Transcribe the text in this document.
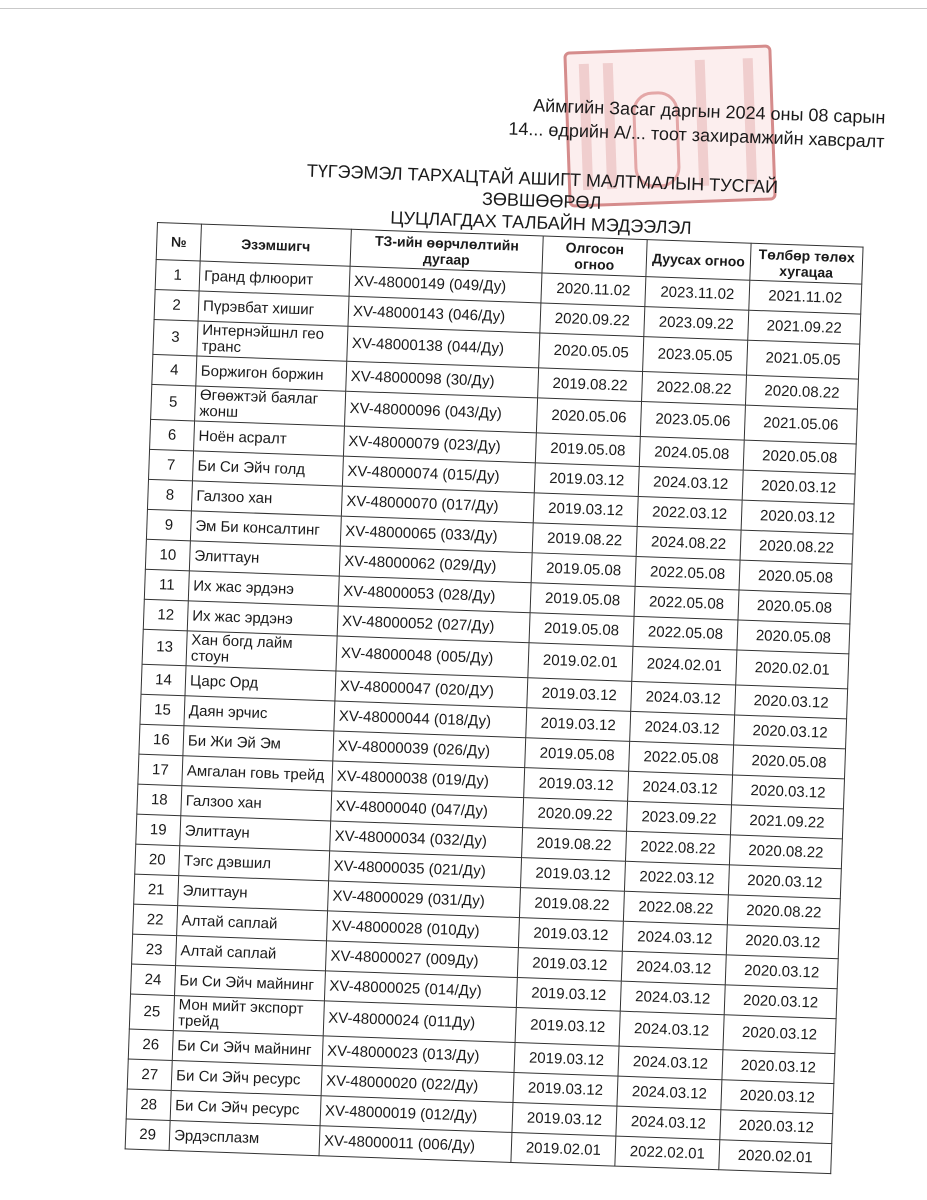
Аймгийн Засаг даргын 2024 оны 08 сарын
14... өдрийн А/... тоот захирамжийн хавсралт
ТҮГЭЭМЭЛ ТАРХАЦТАЙ АШИГТ МАЛТМАЛЫН ТУСГАЙ ЗӨВШӨӨРӨЛ
ЦУЦЛАГДАХ ТАЛБАЙН МЭДЭЭЛЭЛ
№	Эзэмшигч	ТЗ-ийн өөрчлөлтийн дугаар	Олгосон огноо	Дуусах огноо	Төлбөр төлөх хугацаа
1	Гранд флюорит	XV-48000149 (049/Ду)	2020.11.02	2023.11.02	2021.11.02
2	Пүрэвбат хишиг	XV-48000143 (046/Ду)	2020.09.22	2023.09.22	2021.09.22
3	Интернэйшнл гео транс	XV-48000138 (044/Ду)	2020.05.05	2023.05.05	2021.05.05
4	Боржигон боржин	XV-48000098 (30/Ду)	2019.08.22	2022.08.22	2020.08.22
5	Өгөөжтэй баялаг жонш	XV-48000096 (043/Ду)	2020.05.06	2023.05.06	2021.05.06
6	Ноён асралт	XV-48000079 (023/Ду)	2019.05.08	2024.05.08	2020.05.08
7	Би Си Эйч голд	XV-48000074 (015/Ду)	2019.03.12	2024.03.12	2020.03.12
8	Галзоо хан	XV-48000070 (017/Ду)	2019.03.12	2022.03.12	2020.03.12
9	Эм Би консалтинг	XV-48000065 (033/Ду)	2019.08.22	2024.08.22	2020.08.22
10	Элиттаун	XV-48000062 (029/Ду)	2019.05.08	2022.05.08	2020.05.08
11	Их жас эрдэнэ	XV-48000053 (028/Ду)	2019.05.08	2022.05.08	2020.05.08
12	Их жас эрдэнэ	XV-48000052 (027/Ду)	2019.05.08	2022.05.08	2020.05.08
13	Хан богд лайм стоун	XV-48000048 (005/Ду)	2019.02.01	2024.02.01	2020.02.01
14	Царс Орд	XV-48000047 (020/ДУ)	2019.03.12	2024.03.12	2020.03.12
15	Даян эрчис	XV-48000044 (018/Ду)	2019.03.12	2024.03.12	2020.03.12
16	Би Жи Эй Эм	XV-48000039 (026/Ду)	2019.05.08	2022.05.08	2020.05.08
17	Амгалан говь трейд	XV-48000038 (019/Ду)	2019.03.12	2024.03.12	2020.03.12
18	Галзоо хан	XV-48000040 (047/Ду)	2020.09.22	2023.09.22	2021.09.22
19	Элиттаун	XV-48000034 (032/Ду)	2019.08.22	2022.08.22	2020.08.22
20	Тэгс дэвшил	XV-48000035 (021/Ду)	2019.03.12	2022.03.12	2020.03.12
21	Элиттаун	XV-48000029 (031/Ду)	2019.08.22	2022.08.22	2020.08.22
22	Алтай саплай	XV-48000028 (010Ду)	2019.03.12	2024.03.12	2020.03.12
23	Алтай саплай	XV-48000027 (009Ду)	2019.03.12	2024.03.12	2020.03.12
24	Би Си Эйч майнинг	XV-48000025 (014/Ду)	2019.03.12	2024.03.12	2020.03.12
25	Мон мийт экспорт трейд	XV-48000024 (011Ду)	2019.03.12	2024.03.12	2020.03.12
26	Би Си Эйч майнинг	XV-48000023 (013/Ду)	2019.03.12	2024.03.12	2020.03.12
27	Би Си Эйч ресурс	XV-48000020 (022/Ду)	2019.03.12	2024.03.12	2020.03.12
28	Би Си Эйч ресурс	XV-48000019 (012/Ду)	2019.03.12	2024.03.12	2020.03.12
29	Эрдэсплазм	XV-48000011 (006/Ду)	2019.02.01	2022.02.01	2020.02.01
